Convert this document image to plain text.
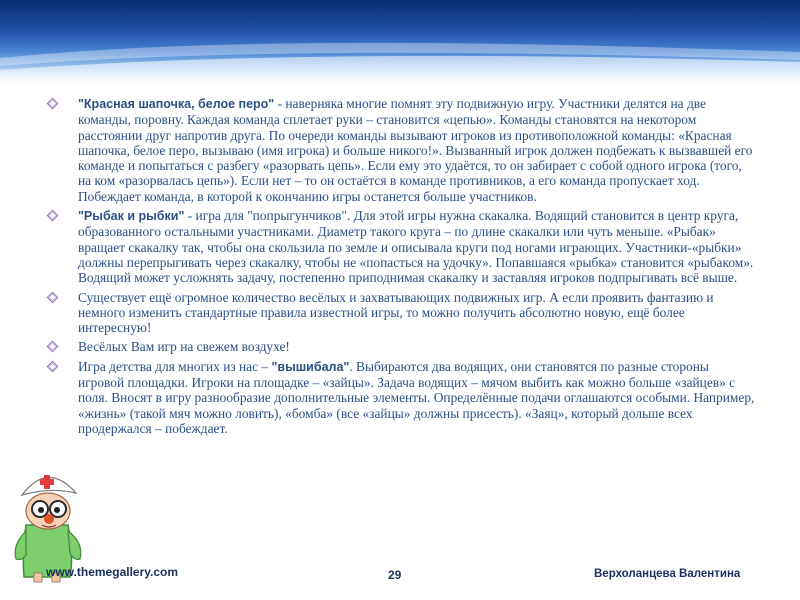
"Красная шапочка, белое перо" - наверняка многие помнят эту подвижную игру. Участники делятся на две команды, поровну. Каждая команда сплетает руки – становится «цепью». Команды становятся на некотором расстоянии друг напротив друга. По очереди команды вызывают игроков из противоположной команды: «Красная шапочка, белое перо, вызываю (имя игрока) и больше никого!». Вызванный игрок должен подбежать к вызвавшей его команде и попытаться с разбегу «разорвать цепь». Если ему это удаётся, то он забирает с собой одного игрока (того, на ком «разорвалась цепь»). Если нет – то он остаётся в команде противников, а его команда пропускает ход. Побеждает команда, в которой к окончанию игры останется больше участников.
"Рыбак и рыбки" - игра для "попрыгунчиков". Для этой игры нужна скакалка. Водящий становится в центр круга, образованного остальными участниками. Диаметр такого круга – по длине скакалки или чуть меньше. «Рыбак» вращает скакалку так, чтобы она скользила по земле и описывала круги под ногами играющих. Участники-«рыбки» должны перепрыгивать через скакалку, чтобы не «попасться на удочку». Попавшаяся «рыбка» становится «рыбаком». Водящий может усложнять задачу, постепенно приподнимая скакалку и заставляя игроков подпрыгивать всё выше.
Существует ещё огромное количество весёлых и захватывающих подвижных игр. А если проявить фантазию и немного изменить стандартные правила известной игры, то можно получить абсолютно новую, ещё более интересную!
Весёлых Вам игр на свежем воздухе!
Игра детства для многих из нас – "вышибала". Выбираются два водящих, они становятся по разные стороны игровой площадки. Игроки на площадке – «зайцы». Задача водящих – мячом выбить как можно больше «зайцев» с поля. Вносят в игру разнообразие дополнительные элементы. Определённые подачи оглашаются особыми. Например, «жизнь» (такой мяч можно ловить), «бомба» (все «зайцы» должны присесть). «Заяц», который дольше всех продержался – побеждает.
www.themegallery.com	29	Верхоланцева Валентина
